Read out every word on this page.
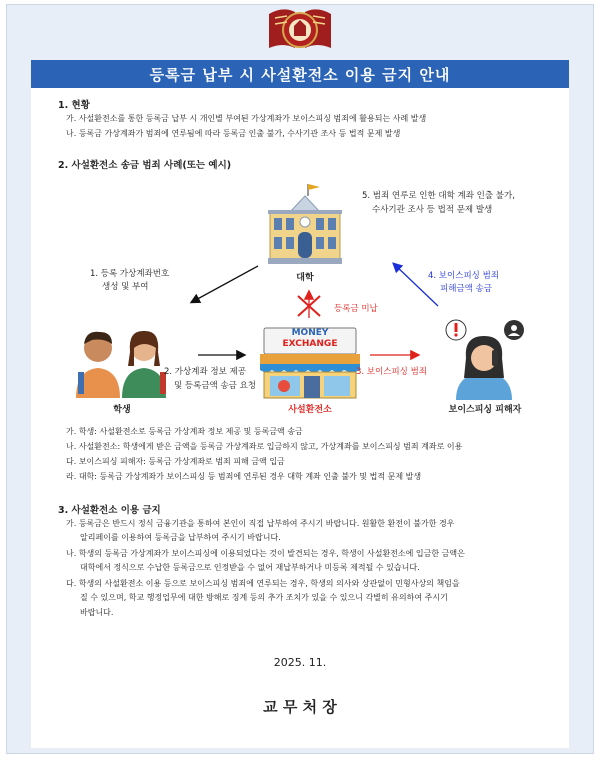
등록금 납부 시 사설환전소 이용 금지 안내
1. 현황
가. 사설환전소를 통한 등록금 납부 시 개인별 부여된 가상계좌가 보이스피싱 범죄에 활용되는 사례 발생
나. 등록금 가상계좌가 범죄에 연루됨에 따라 등록금 인출 불가, 수사기관 조사 등 법적 문제 발생
2. 사설환전소 송금 범죄 사례(또는 예시)
대학
5. 범죄 연루로 인한 대학 계좌 인출 불가,
수사기관 조사 등 법적 문제 발생
1. 등록 가상계좌번호
생성 및 부여
등록금 미납
4. 보이스피싱 범죄
피해금액 송금
학생
2. 가상계좌 정보 제공
및 등록금액 송금 요청
MONEY
EXCHANGE
사설환전소
3. 보이스피싱 범죄
보이스피싱 피해자
가. 학생: 사설환전소로 등록금 가상계좌 정보 제공 및 등록금액 송금
나. 사설환전소: 학생에게 받은 금액을 등록금 가상계좌로 입금하지 않고, 가상계좌를 보이스피싱 범죄 계좌로 이용
다. 보이스피싱 피해자: 등록금 가상계좌로 범죄 피해 금액 입금
라. 대학: 등록금 가상계좌가 보이스피싱 등 범죄에 연루된 경우 대학 계좌 인출 불가 및 법적 문제 발생
3. 사설환전소 이용 금지
가. 등록금은 반드시 정식 금융기관을 통하여 본인이 직접 납부하여 주시기 바랍니다. 원활한 환전이 불가한 경우
알리페이를 이용하여 등록금을 납부하여 주시기 바랍니다.
나. 학생의 등록금 가상계좌가 보이스피싱에 이용되었다는 것이 발견되는 경우, 학생이 사설환전소에 입금한 금액은
대학에서 정식으로 수납한 등록금으로 인정받을 수 없어 재납부하거나 미등록 제적될 수 있습니다.
다. 학생의 사설환전소 이용 등으로 보이스피싱 범죄에 연루되는 경우, 학생의 의사와 상관없이 민형사상의 책임을
질 수 있으며, 학교 행정업무에 대한 방해로 징계 등의 추가 조치가 있을 수 있으니 각별히 유의하여 주시기
바랍니다.
2025. 11.
교 무 처 장
